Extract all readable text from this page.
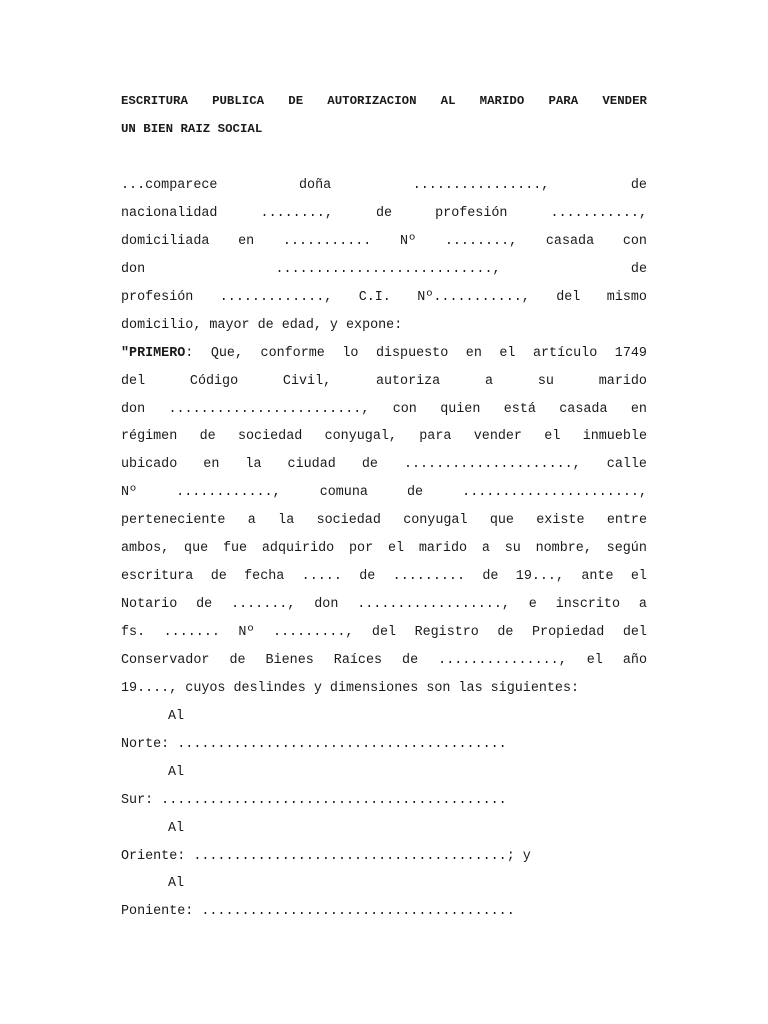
ESCRITURA PUBLICA DE AUTORIZACION AL MARIDO PARA VENDER
UN BIEN RAIZ SOCIAL
...comparece	doña	................,	de
nacionalidad	........,	de	profesión	...........,
domiciliada en ........... Nº ........, casada con
don	...........................,	de
profesión ............., C.I. Nº..........., del mismo
domicilio, mayor de edad, y expone:
"PRIMERO: Que, conforme lo dispuesto en el artículo 1749
del	Código	Civil,	autoriza	a	su	marido
don ........................, con quien está casada en
régimen de sociedad conyugal, para vender el inmueble
ubicado en la ciudad de ....................., calle
Nº	............,	comuna	de	......................,
perteneciente a la sociedad conyugal que existe entre
ambos, que fue adquirido por el marido a su nombre, según
escritura de fecha ..... de ......... de 19..., ante el
Notario de ......., don .................., e inscrito a
fs. ....... Nº ........., del Registro de Propiedad del
Conservador de Bienes Raíces de ..............., el año
19...., cuyos deslindes y dimensiones son las siguientes:
Al
Norte: .........................................
Al
Sur: ...........................................
Al
Oriente: .......................................; y
Al
Poniente: .......................................
